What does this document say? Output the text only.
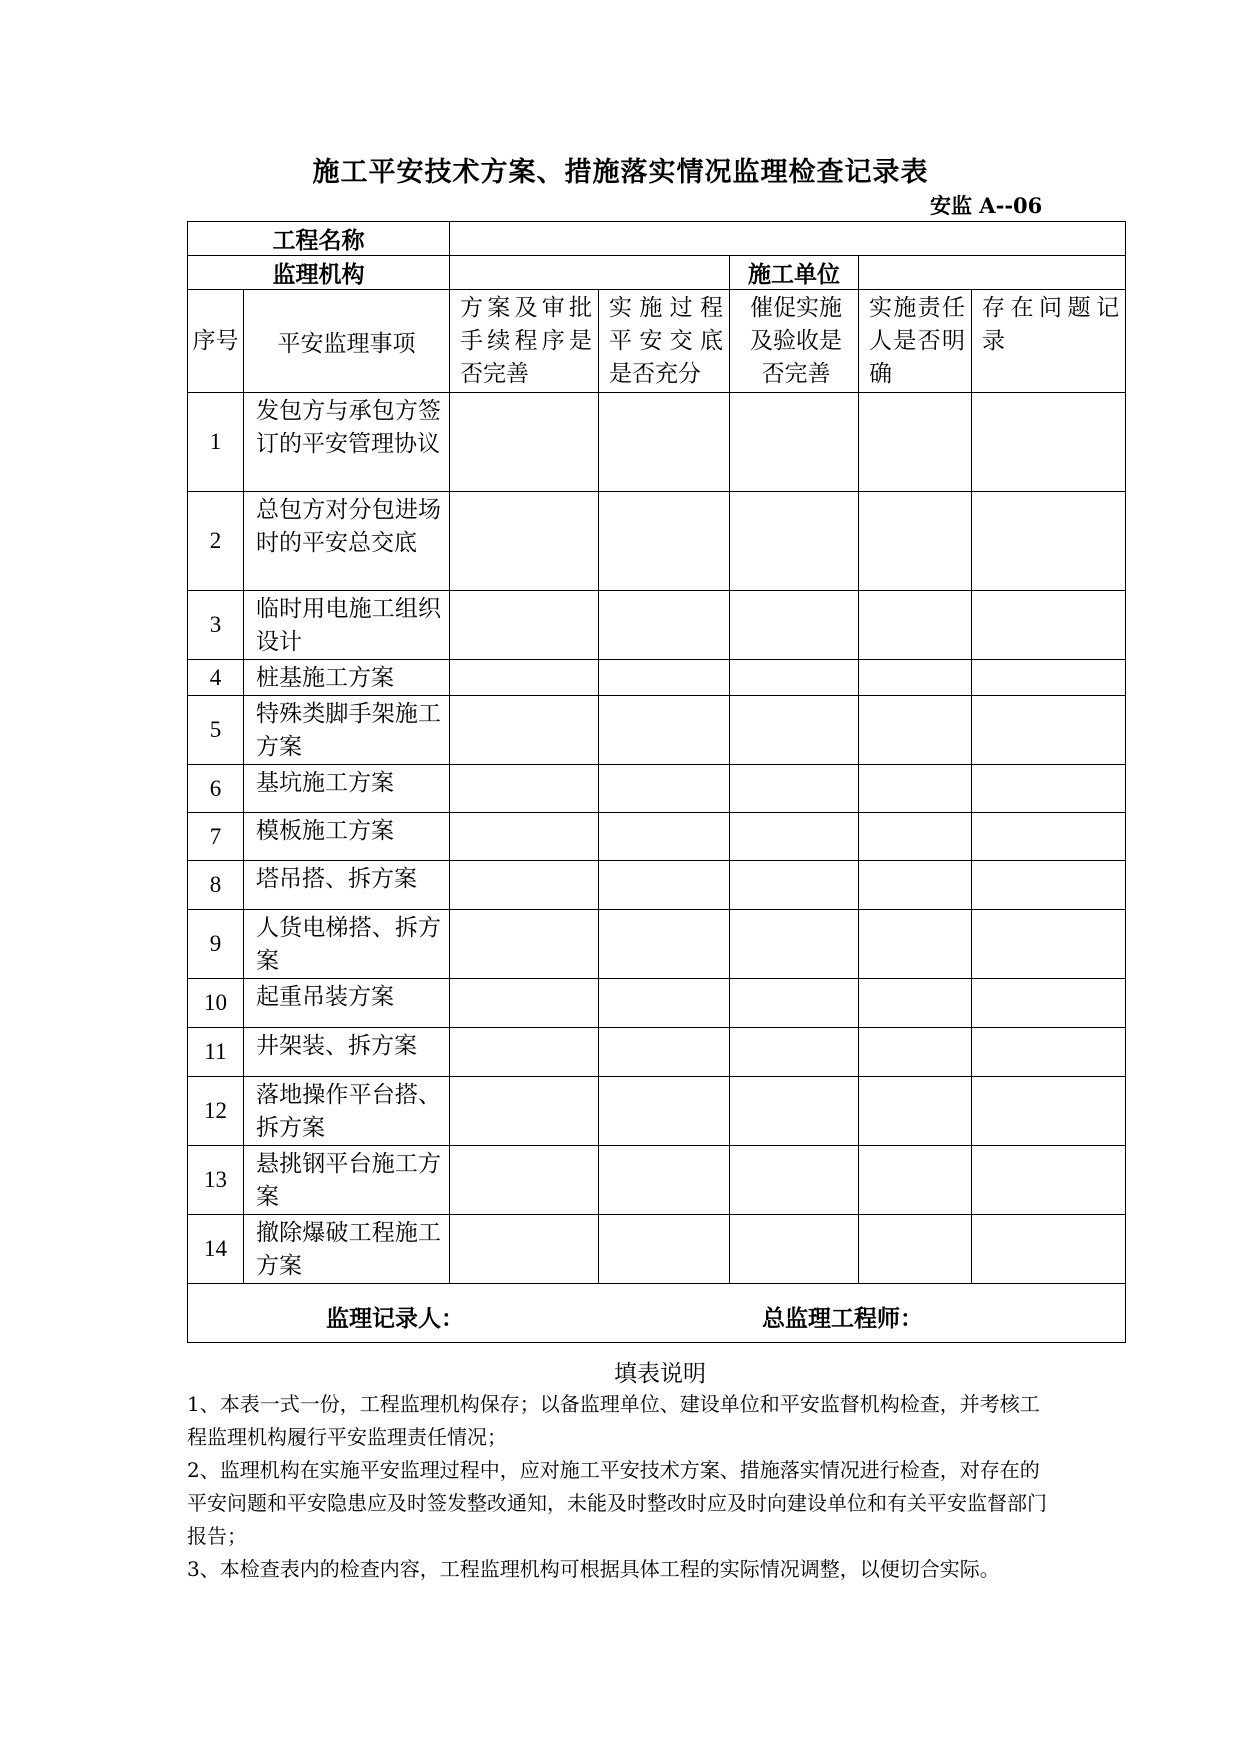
施工平安技术方案、措施落实情况监理检查记录表
安监 A--06
工程名称						
监理机构				施工单位		
序号	平安监理事项	方案及审批手续程序是否完善	实施过程平安交底是否充分	催促实施及验收是否完善	实施责任人是否明确	存在问题记　　录
1	发包方与承包方签订的平安管理协议					
2	总包方对分包进场时的平安总交底					
3	临时用电施工组织设计					
4	桩基施工方案					
5	特殊类脚手架施工方案					
6	基坑施工方案					
7	模板施工方案					
8	塔吊搭、拆方案					
9	人货电梯搭、拆方案					
10	起重吊装方案					
11	井架装、拆方案					
12	落地操作平台搭、拆方案					
13	悬挑钢平台施工方案					
14	撤除爆破工程施工方案					

监理记录人： 总监理工程师：						
填表说明

1、本表一式一份，工程监理机构保存；以备监理单位、建设单位和平安监督机构检查，并考核工程监理机构履行平安监理责任情况；

2、监理机构在实施平安监理过程中，应对施工平安技术方案、措施落实情况进行检查，对存在的平安问题和平安隐患应及时签发整改通知，未能及时整改时应及时向建设单位和有关平安监督部门报告；

3、本检查表内的检查内容，工程监理机构可根据具体工程的实际情况调整，以便切合实际。
